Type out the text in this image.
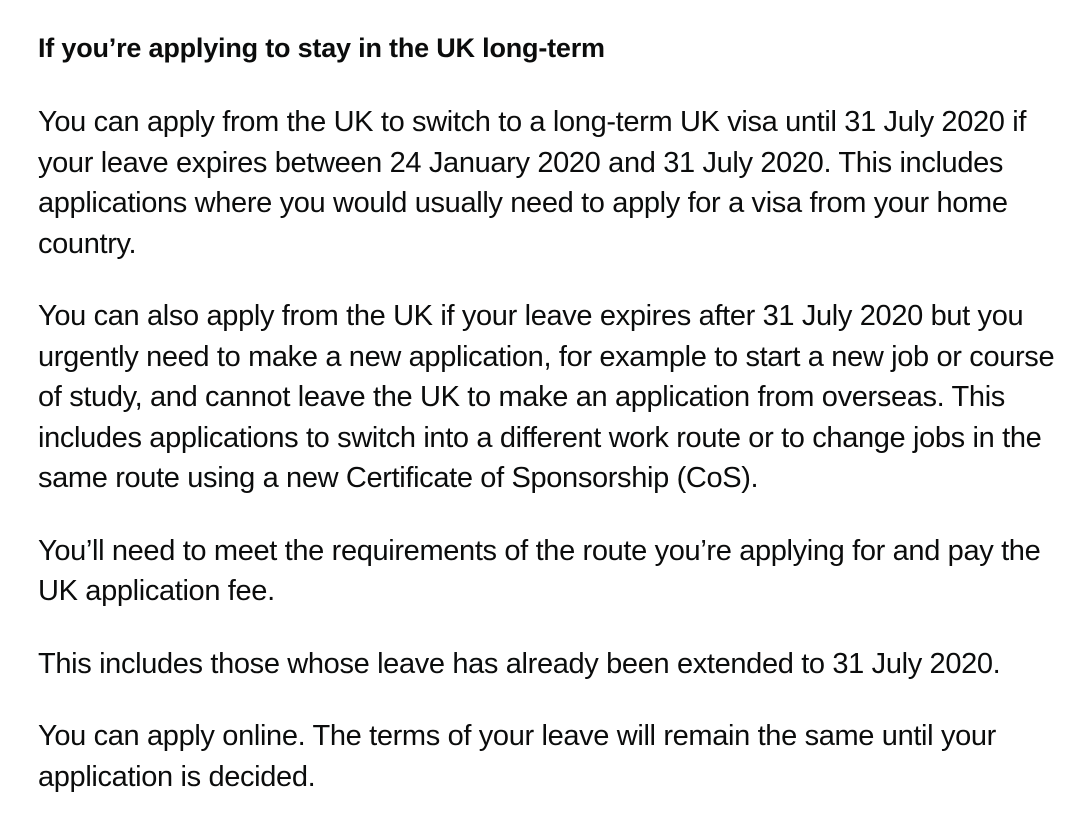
If you’re applying to stay in the UK long-term

You can apply from the UK to switch to a long-term UK visa until 31 July 2020 if your leave expires between 24 January 2020 and 31 July 2020. This includes applications where you would usually need to apply for a visa from your home country.

You can also apply from the UK if your leave expires after 31 July 2020 but you urgently need to make a new application, for example to start a new job or course of study, and cannot leave the UK to make an application from overseas. This includes applications to switch into a different work route or to change jobs in the same route using a new Certificate of Sponsorship (CoS).

You’ll need to meet the requirements of the route you’re applying for and pay the UK application fee.

This includes those whose leave has already been extended to 31 July 2020.

You can apply online. The terms of your leave will remain the same until your application is decided.
